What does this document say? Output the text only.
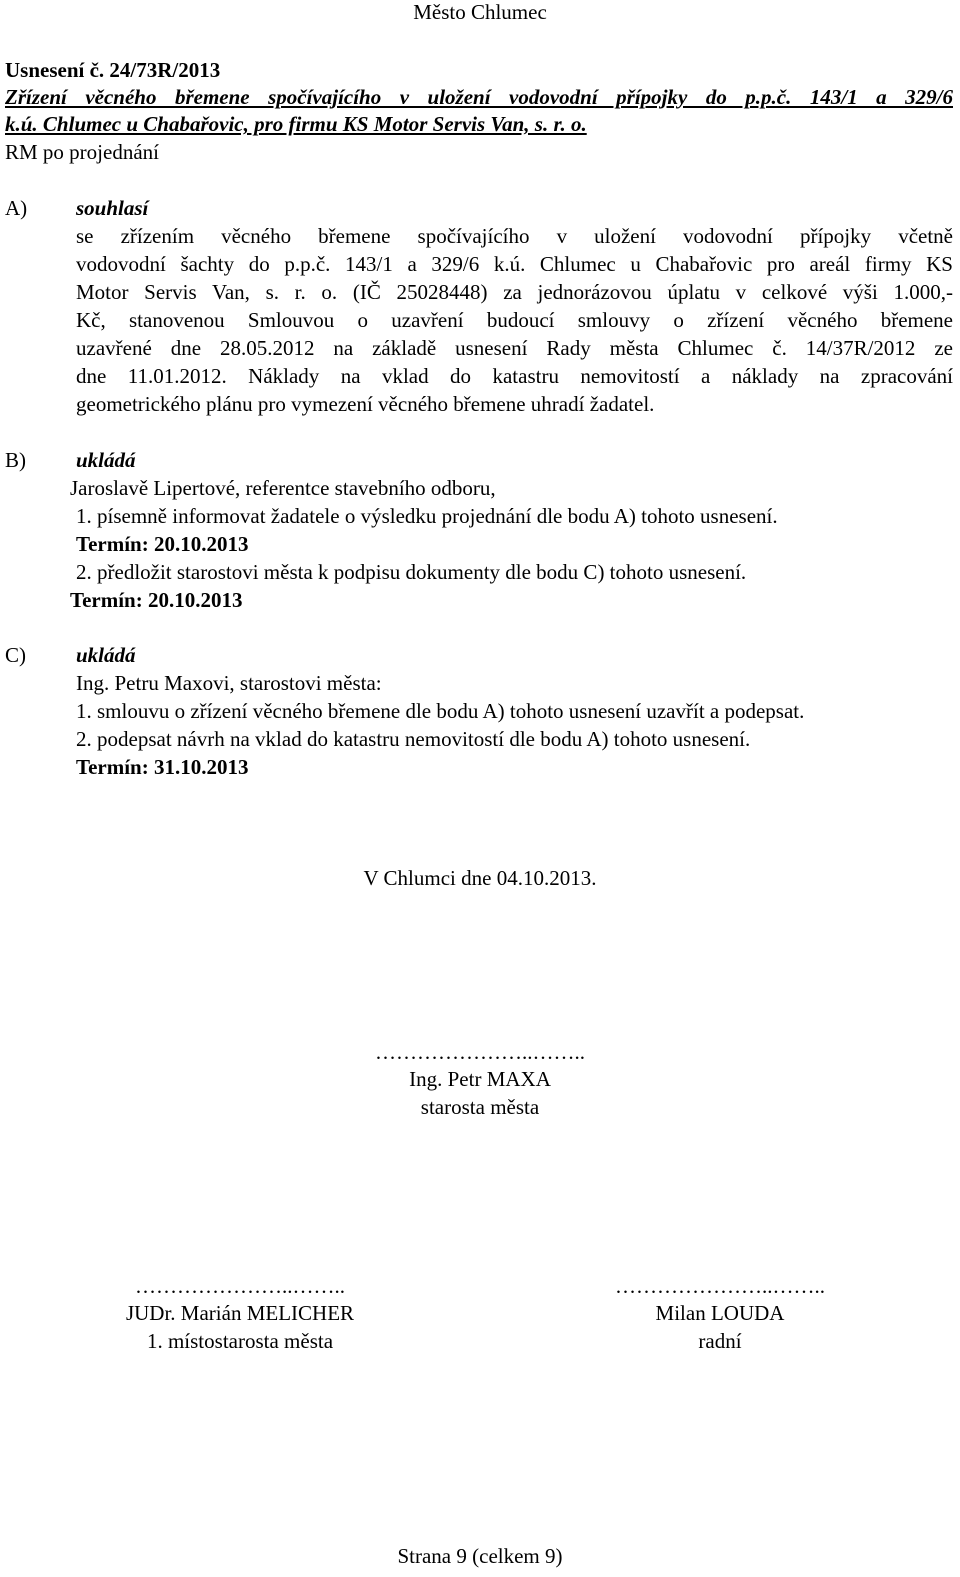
Město Chlumec
Usnesení č. 24/73R/2013
Zřízení věcného břemene spočívajícího v uložení vodovodní přípojky do p.p.č. 143/1 a 329/6
k.ú. Chlumec u Chabařovic, pro firmu KS Motor Servis Van, s. r. o.
RM po projednání
A) souhlasí
se zřízením věcného břemene spočívajícího v uložení vodovodní přípojky včetně
vodovodní šachty do p.p.č. 143/1 a 329/6 k.ú. Chlumec u Chabařovic pro areál firmy KS
Motor Servis Van, s. r. o. (IČ 25028448) za jednorázovou úplatu v celkové výši 1.000,-
Kč, stanovenou Smlouvou o uzavření budoucí smlouvy o zřízení věcného břemene
uzavřené dne 28.05.2012 na základě usnesení Rady města Chlumec č. 14/37R/2012 ze
dne 11.01.2012. Náklady na vklad do katastru nemovitostí a náklady na zpracování
geometrického plánu pro vymezení věcného břemene uhradí žadatel.
B) ukládá
Jaroslavě Lipertové, referentce stavebního odboru,
1. písemně informovat žadatele o výsledku projednání dle bodu A) tohoto usnesení.
Termín: 20.10.2013
2. předložit starostovi města k podpisu dokumenty dle bodu C) tohoto usnesení.
Termín: 20.10.2013
C) ukládá
Ing. Petru Maxovi, starostovi města:
1. smlouvu o zřízení věcného břemene dle bodu A) tohoto usnesení uzavřít a podepsat.
2. podepsat návrh na vklad do katastru nemovitostí dle bodu A) tohoto usnesení.
Termín: 31.10.2013
V Chlumci dne 04.10.2013.
…………………..……..
Ing. Petr MAXA
starosta města
…………………..……..
JUDr. Marián MELICHER
1. místostarosta města
…………………..……..
Milan LOUDA
radní
Strana 9 (celkem 9)
